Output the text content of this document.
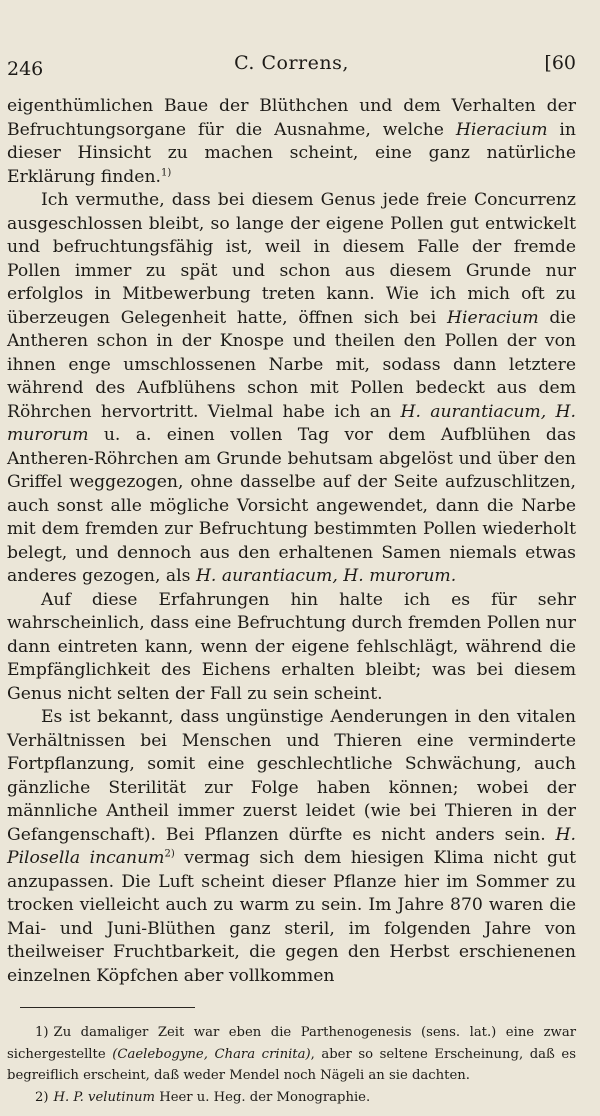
246	C. Correns,	[60

eigenthümlichen Baue der Blüthchen und dem Verhalten der Befruchtungsorgane für die Ausnahme, welche Hieracium in dieser Hinsicht zu machen scheint, eine ganz natürliche Erklärung finden.$^{1)}$

Ich vermuthe, dass bei diesem Genus jede freie Concurrenz ausgeschlossen bleibt, so lange der eigene Pollen gut entwickelt und befruchtungsfähig ist, weil in diesem Falle der fremde Pollen immer zu spät und schon aus diesem Grunde nur erfolglos in Mitbewerbung treten kann. Wie ich mich oft zu überzeugen Gelegenheit hatte, öffnen sich bei Hieracium die Antheren schon in der Knospe und theilen den Pollen der von ihnen enge umschlossenen Narbe mit, sodass dann letztere während des Aufblühens schon mit Pollen bedeckt aus dem Röhrchen hervortritt. Vielmal habe ich an H. aurantiacum, H. murorum u. a. einen vollen Tag vor dem Aufblühen das Antheren-Röhrchen am Grunde behutsam abgelöst und über den Griffel weggezogen, ohne dasselbe auf der Seite aufzuschlitzen, auch sonst alle mögliche Vorsicht angewendet, dann die Narbe mit dem fremden zur Befruchtung bestimmten Pollen wiederholt belegt, und dennoch aus den erhaltenen Samen niemals etwas anderes gezogen, als H. aurantiacum, H. murorum.

Auf diese Erfahrungen hin halte ich es für sehr wahrscheinlich, dass eine Befruchtung durch fremden Pollen nur dann eintreten kann, wenn der eigene fehlschlägt, während die Empfänglichkeit des Eichens erhalten bleibt; was bei diesem Genus nicht selten der Fall zu sein scheint.

Es ist bekannt, dass ungünstige Aenderungen in den vitalen Verhältnissen bei Menschen und Thieren eine verminderte Fortpflanzung, somit eine geschlechtliche Schwächung, auch gänzliche Sterilität zur Folge haben können; wobei der männliche Antheil immer zuerst leidet (wie bei Thieren in der Gefangenschaft). Bei Pflanzen dürfte es nicht anders sein. H. Pilosella incanum$^{2)}$ vermag sich dem hiesigen Klima nicht gut anzupassen. Die Luft scheint dieser Pflanze hier im Sommer zu trocken vielleicht auch zu warm zu sein. Im Jahre 870 waren die Mai- und Juni-Blüthen ganz steril, im folgenden Jahre von theilweiser Fruchtbarkeit, die gegen den Herbst erschienenen einzelnen Köpfchen aber vollkommen

1) Zu damaliger Zeit war eben die Parthenogenesis (sens. lat.) eine zwar sichergestellte (Caelebogyne, Chara crinita), aber so seltene Erscheinung, daß es begreiflich erscheint, daß weder Mendel noch Nägeli an sie dachten.

2) H. P. velutinum Heer u. Heg. der Monographie.
